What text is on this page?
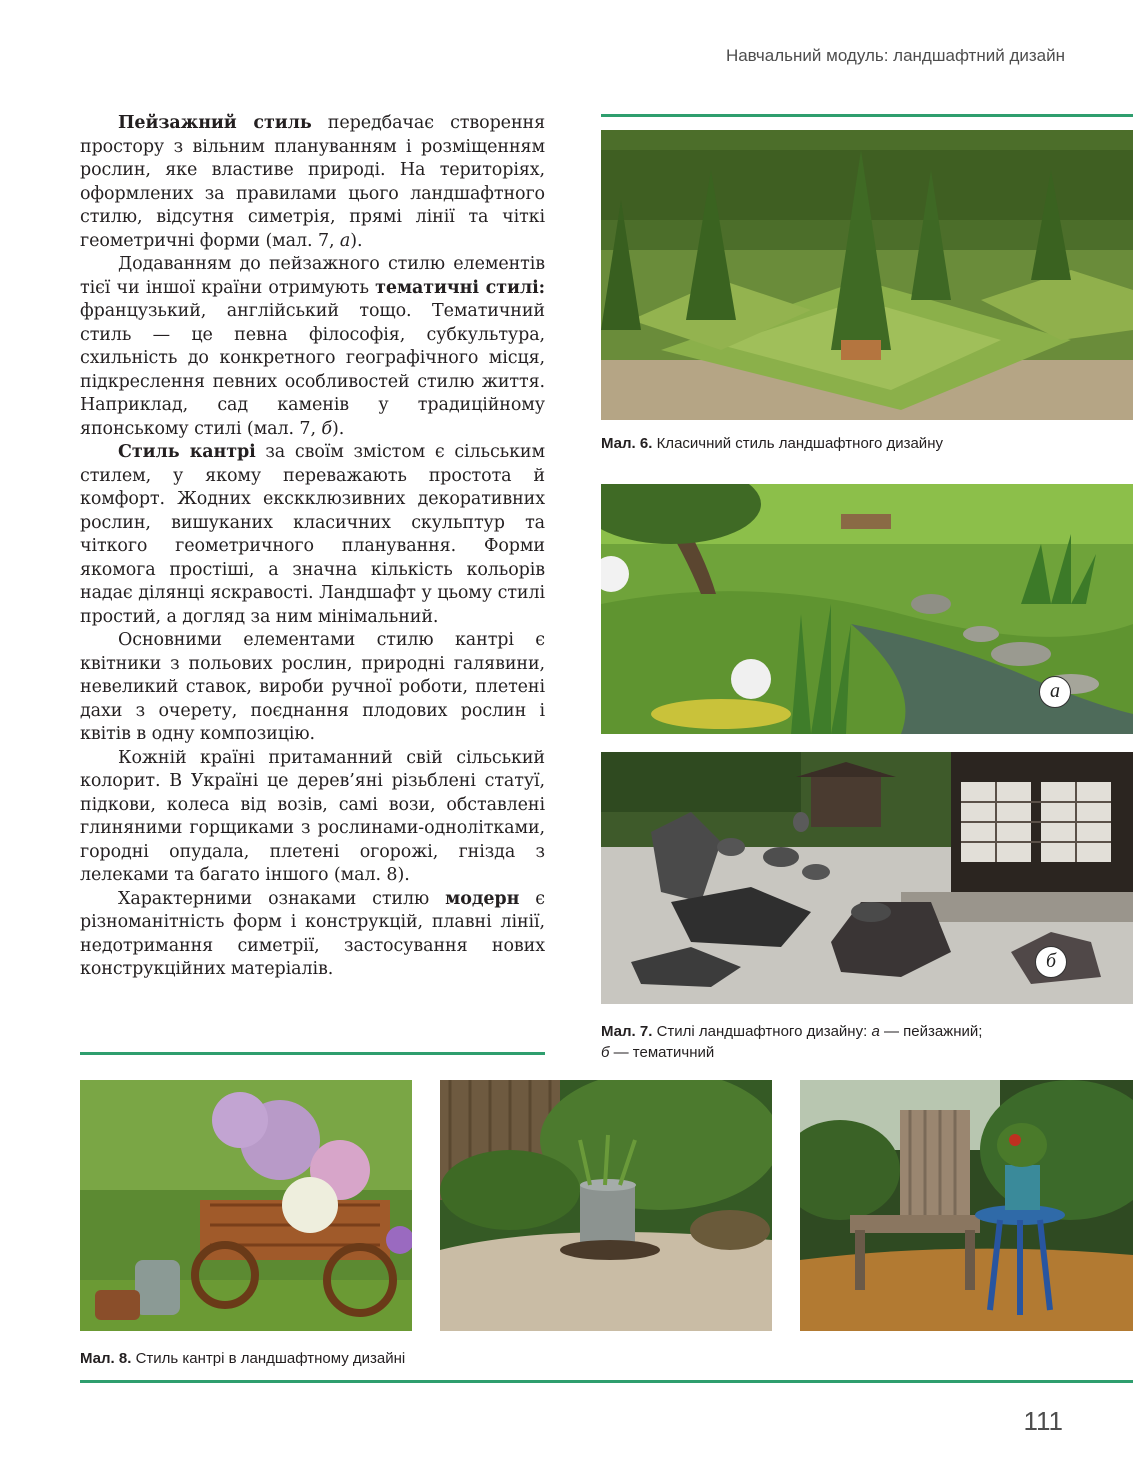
Навчальний модуль: ландшафтний дизайн

Пейзажний стиль передбачає створення простору з вільним плануванням і розміщенням рослин, яке властиве природі. На територіях, оформлених за правилами цього ландшафтного стилю, відсутня симетрія, прямі лінії та чіткі геометричні форми (мал. 7, а).

Додаванням до пейзажного стилю елементів тієї чи іншої країни отримують тематичні стилі: французький, англійський тощо. Тематичний стиль — це певна філософія, субкультура, схильність до конкретного географічного місця, підкреслення певних особливостей стилю життя. Наприклад, сад каменів у традиційному японському стилі (мал. 7, б).

Стиль кантрі за своїм змістом є сільським стилем, у якому переважають простота й комфорт. Жодних екскклюзивних декоративних рослин, вишуканих класичних скульптур та чіткого геометричного планування. Форми якомога простіші, а значна кількість кольорів надає ділянці яскравості. Ландшафт у цьому стилі простий, а догляд за ним мінімальний.

Основними елементами стилю кантрі є квітники з польових рослин, природні галявини, невеликий ставок, вироби ручної роботи, плетені дахи з очерету, поєднання плодових рослин і квітів в одну композицію.

Кожній країні притаманний свій сільський колорит. В Україні це дерев’яні різьблені статуї, підкови, колеса від возів, самі вози, обставлені глиняними горщиками з рослинами-однолітками, городні опудала, плетені огорожі, гнізда з лелеками та багато іншого (мал. 8).

Характерними ознаками стилю модерн є різноманітність форм і конструкцій, плавні лінії, недотримання симетрії, застосування нових конструкційних матеріалів.

Мал. 6. Класичний стиль ландшафтного дизайну
а
б
Мал. 7. Стилі ландшафтного дизайну: а — пейзажний;
б — тематичний
Мал. 8. Стиль кантрі в ландшафтному дизайні
111
